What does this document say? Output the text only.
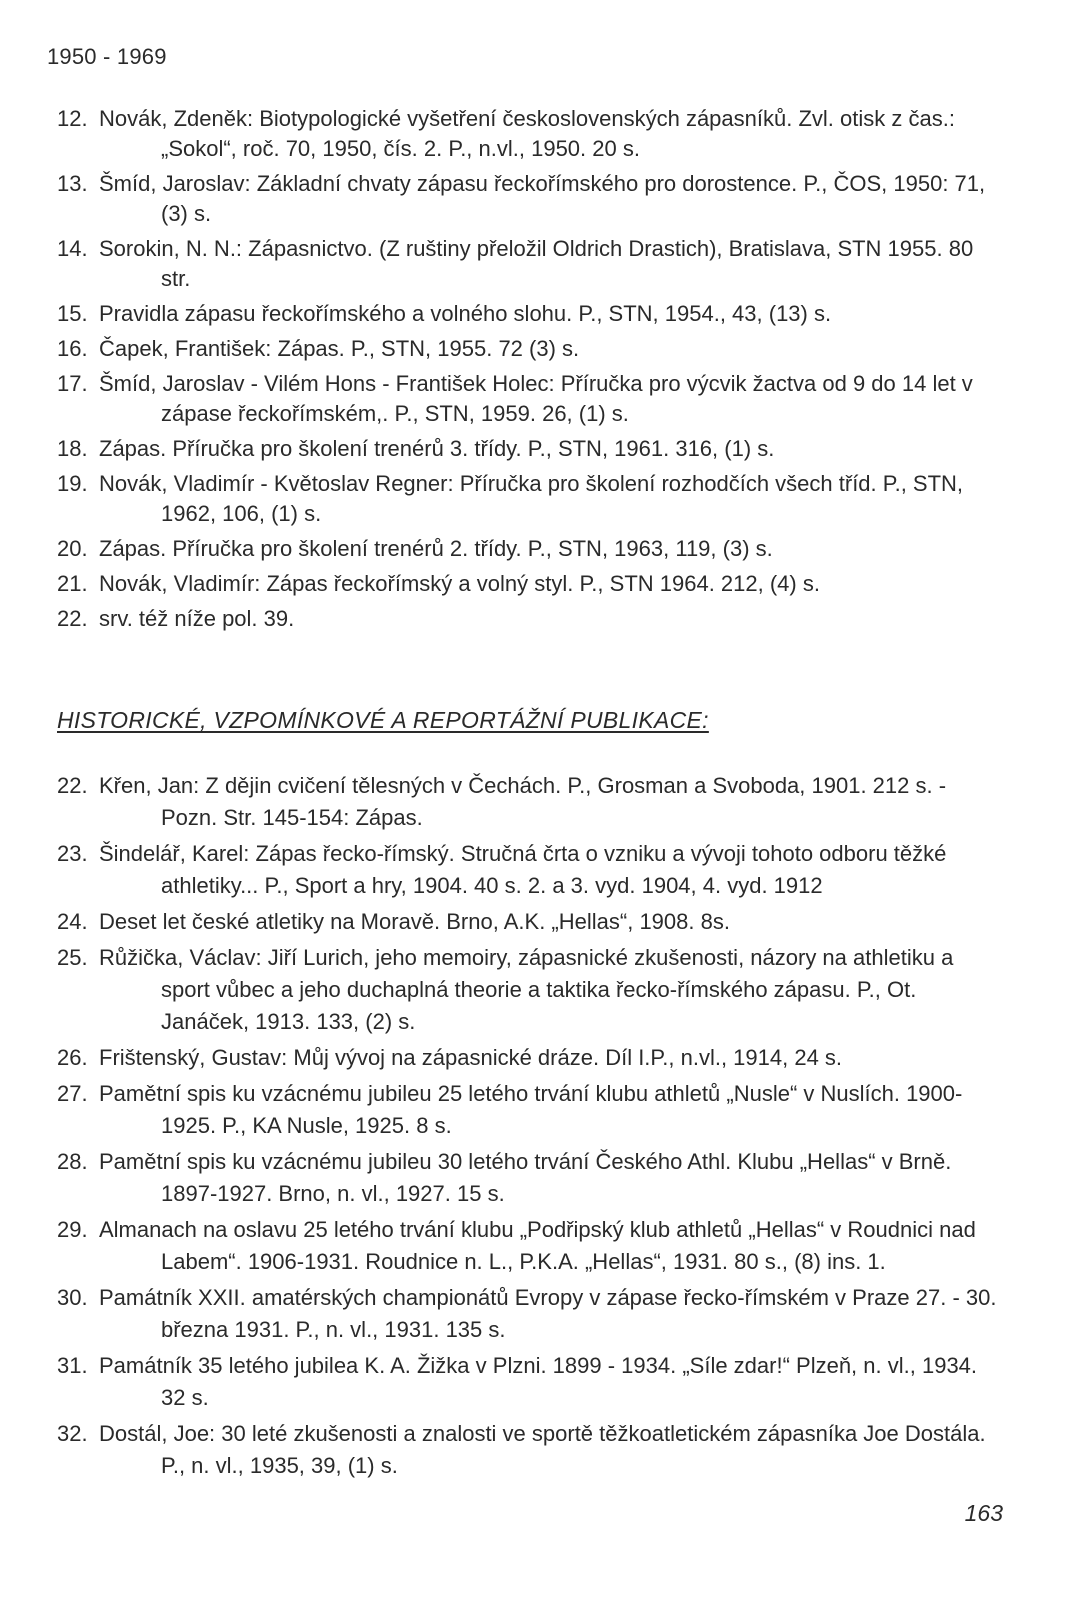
1950 - 1969
12. Novák, Zdeněk: Biotypologické vyšetření československých zápasníků. Zvl. otisk z čas.: „Sokol“, roč. 70, 1950, čís. 2. P., n.vl., 1950. 20 s.
13. Šmíd, Jaroslav: Základní chvaty zápasu řeckořímského pro dorostence. P., ČOS, 1950: 71, (3) s.
14. Sorokin, N. N.: Zápasnictvo. (Z ruštiny přeložil Oldrich Drastich), Bratislava, STN 1955. 80 str.
15. Pravidla zápasu řeckořímského a volného slohu. P., STN, 1954., 43, (13) s.
16. Čapek, František: Zápas. P., STN, 1955. 72 (3) s.
17. Šmíd, Jaroslav - Vilém Hons - František Holec: Příručka pro výcvik žactva od 9 do 14 let v zápase řeckořímském,. P., STN, 1959. 26, (1) s.
18. Zápas. Příručka pro školení trenérů 3. třídy. P., STN, 1961. 316, (1) s.
19. Novák, Vladimír - Květoslav Regner: Příručka pro školení rozhodčích všech tříd. P., STN, 1962, 106, (1) s.
20. Zápas. Příručka pro školení trenérů 2. třídy. P., STN, 1963, 119, (3) s.
21. Novák, Vladimír: Zápas řeckořímský a volný styl. P., STN 1964. 212, (4) s.
22. srv. též níže pol. 39.
HISTORICKÉ, VZPOMÍNKOVÉ A REPORTÁŽNÍ PUBLIKACE:
22. Křen, Jan: Z dějin cvičení tělesných v Čechách. P., Grosman a Svoboda, 1901. 212 s. - Pozn. Str. 145-154: Zápas.
23. Šindelář, Karel: Zápas řecko-římský. Stručná črta o vzniku a vývoji tohoto odboru těžké athletiky... P., Sport a hry, 1904. 40 s. 2. a 3. vyd. 1904, 4. vyd. 1912
24. Deset let české atletiky na Moravě. Brno, A.K. „Hellas“, 1908. 8s.
25. Růžička, Václav: Jiří Lurich, jeho memoiry, zápasnické zkušenosti, názory na athletiku a sport vůbec a jeho duchaplná theorie a taktika řecko-římského zápasu. P., Ot. Janáček, 1913. 133, (2) s.
26. Frištenský, Gustav: Můj vývoj na zápasnické dráze. Díl I.P., n.vl., 1914, 24 s.
27. Pamětní spis ku vzácnému jubileu 25 letého trvání klubu athletů „Nusle“ v Nuslích. 1900-1925. P., KA Nusle, 1925. 8 s.
28. Pamětní spis ku vzácnému jubileu 30 letého trvání Českého Athl. Klubu „Hellas“ v Brně. 1897-1927. Brno, n. vl., 1927. 15 s.
29. Almanach na oslavu 25 letého trvání klubu „Podřipský klub athletů „Hellas“ v Roudnici nad Labem“. 1906-1931. Roudnice n. L., P.K.A. „Hellas“, 1931. 80 s., (8) ins. 1.
30. Památník XXII. amatérských championátů Evropy v zápase řecko-římském v Praze 27. - 30. března 1931. P., n. vl., 1931. 135 s.
31. Památník 35 letého jubilea K. A. Žižka v Plzni. 1899 - 1934. „Síle zdar!“ Plzeň, n. vl., 1934. 32 s.
32. Dostál, Joe: 30 leté zkušenosti a znalosti ve sportě těžkoatletickém zápasníka Joe Dostála. P., n. vl., 1935, 39, (1) s.
163
